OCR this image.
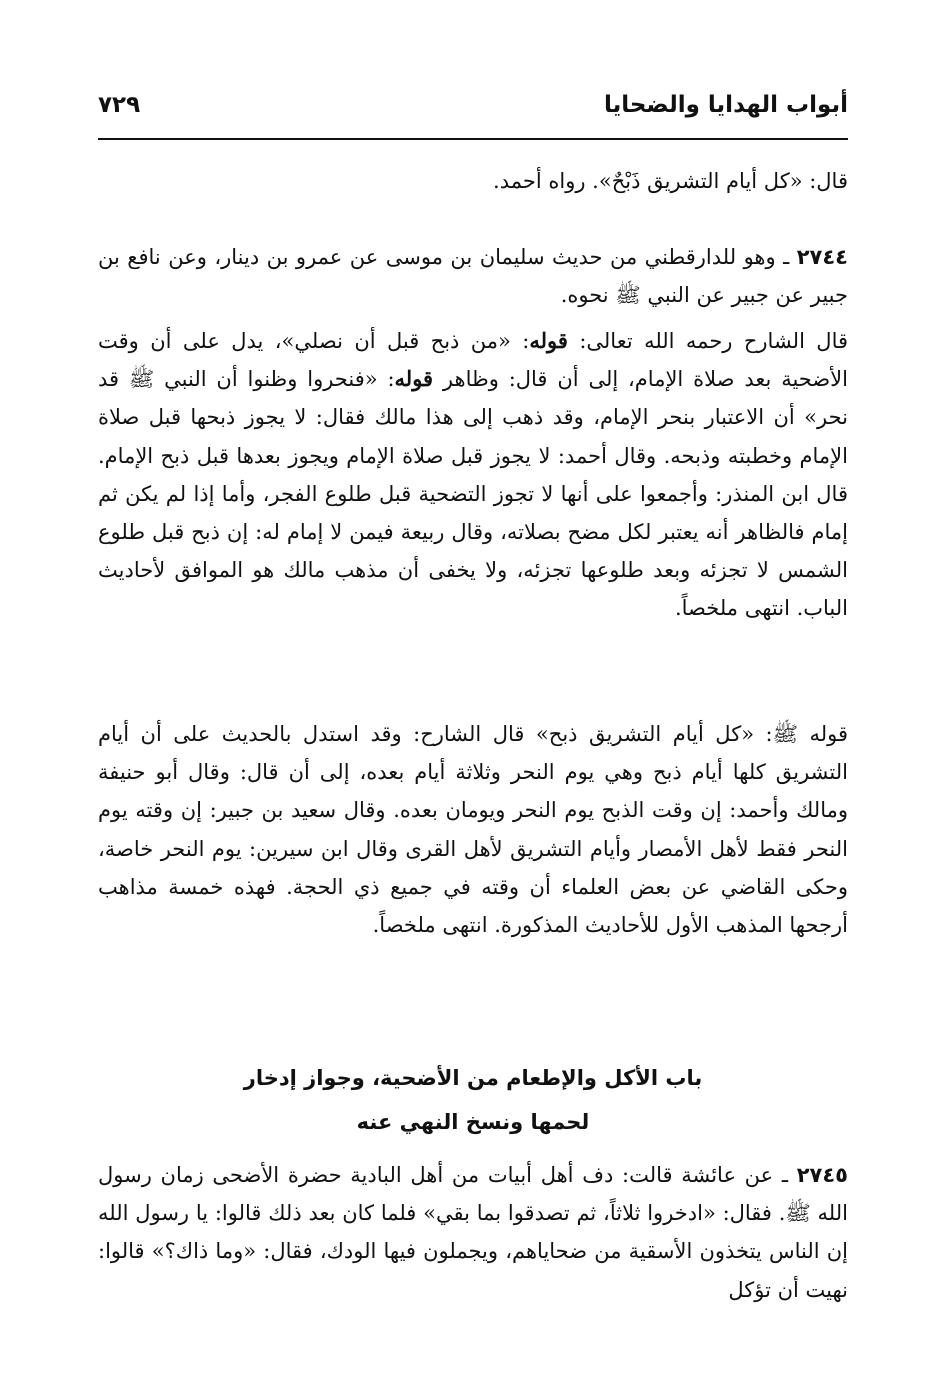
أبواب الهدايا والضحايا
٧٢٩

قال: «كل أيام التشريق ذَبْحٌ». رواه أحمد.

٢٧٤٤ ـ وهو للدارقطني من حديث سليمان بن موسى عن عمرو بن دينار، وعن نافع بن جبير عن جبير عن النبي ﷺ نحوه.

قال الشارح رحمه الله تعالى: قوله: «من ذبح قبل أن نصلي»، يدل على أن وقت الأضحية بعد صلاة الإمام، إلى أن قال: وظاهر قوله: «فنحروا وظنوا أن النبي ﷺ قد نحر» أن الاعتبار بنحر الإمام، وقد ذهب إلى هذا مالك فقال: لا يجوز ذبحها قبل صلاة الإمام وخطبته وذبحه. وقال أحمد: لا يجوز قبل صلاة الإمام ويجوز بعدها قبل ذبح الإمام. قال ابن المنذر: وأجمعوا على أنها لا تجوز التضحية قبل طلوع الفجر، وأما إذا لم يكن ثم إمام فالظاهر أنه يعتبر لكل مضح بصلاته، وقال ربيعة فيمن لا إمام له: إن ذبح قبل طلوع الشمس لا تجزئه وبعد طلوعها تجزئه، ولا يخفى أن مذهب مالك هو الموافق لأحاديث الباب. انتهى ملخصاً.

قوله ﷺ: «كل أيام التشريق ذبح» قال الشارح: وقد استدل بالحديث على أن أيام التشريق كلها أيام ذبح وهي يوم النحر وثلاثة أيام بعده، إلى أن قال: وقال أبو حنيفة ومالك وأحمد: إن وقت الذبح يوم النحر ويومان بعده. وقال سعيد بن جبير: إن وقته يوم النحر فقط لأهل الأمصار وأيام التشريق لأهل القرى وقال ابن سيرين: يوم النحر خاصة، وحكى القاضي عن بعض العلماء أن وقته في جميع ذي الحجة. فهذه خمسة مذاهب أرجحها المذهب الأول للأحاديث المذكورة. انتهى ملخصاً.

باب الأكل والإطعام من الأضحية، وجواز إدخار
لحمها ونسخ النهي عنه

٢٧٤٥ ـ عن عائشة قالت: دف أهل أبيات من أهل البادية حضرة الأضحى زمان رسول الله ﷺ. فقال: «ادخروا ثلاثاً، ثم تصدقوا بما بقي» فلما كان بعد ذلك قالوا: يا رسول الله إن الناس يتخذون الأسقية من ضحاياهم، ويجملون فيها الودك، فقال: «وما ذاك؟» قالوا: نهيت أن تؤكل
